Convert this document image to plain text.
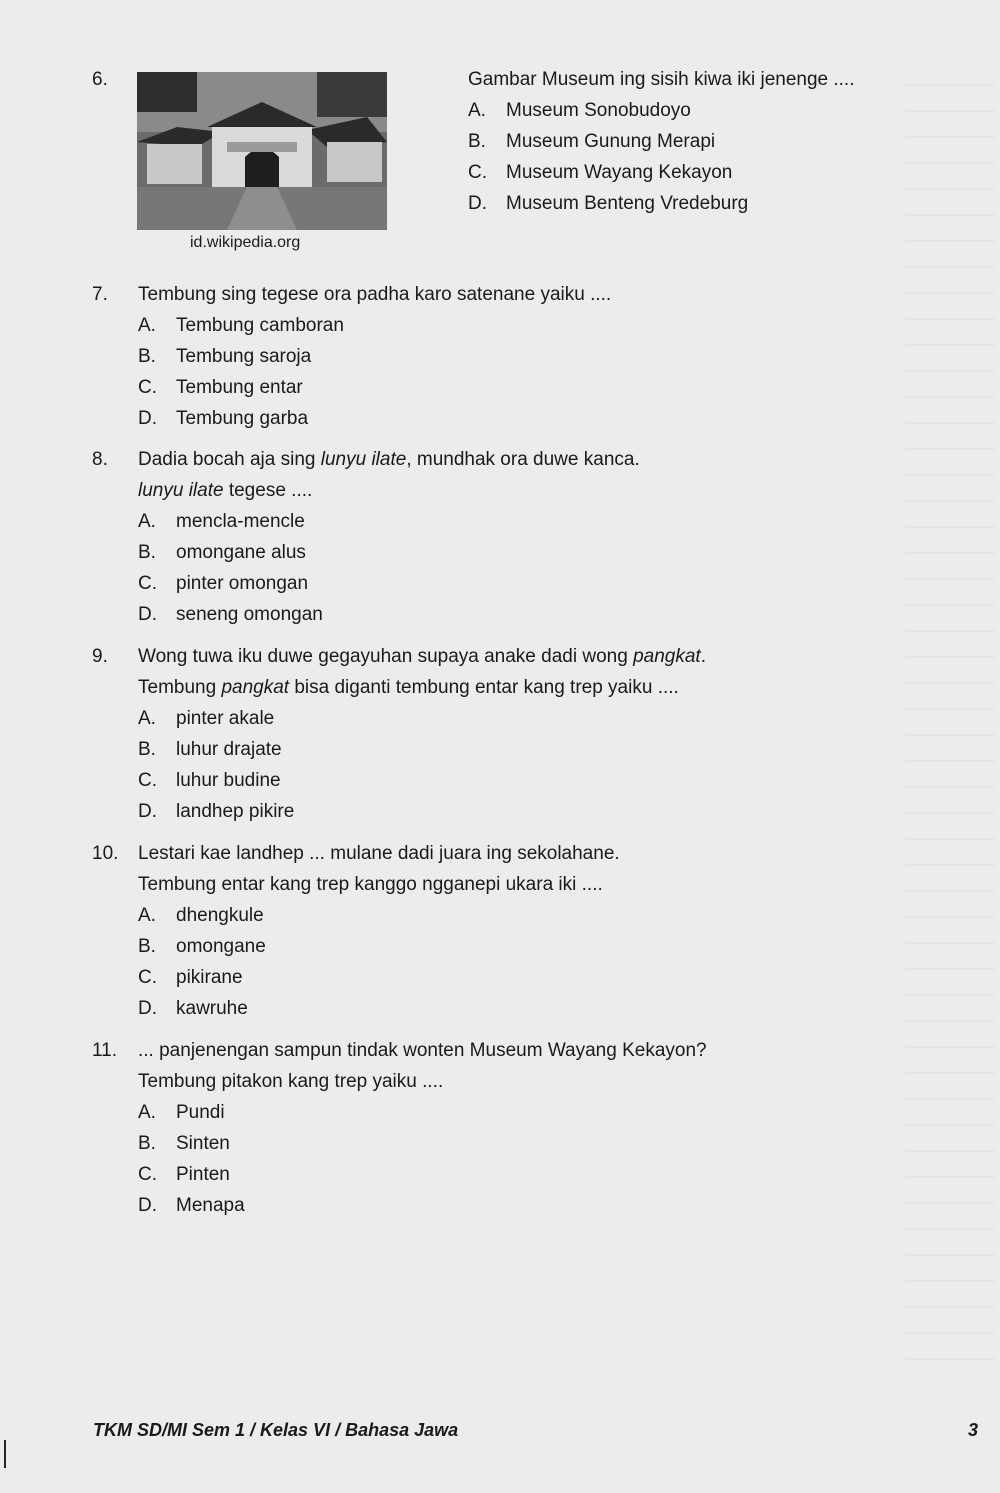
6.	Gambar Museum ing sisih kiwa iki jenenge ....
A. Museum Sonobudoyo
B. Museum Gunung Merapi
C. Museum Wayang Kekayon
D. Museum Benteng Vredeburg
id.wikipedia.org
7.	Tembung sing tegese ora padha karo satenane yaiku ....
A. Tembung camboran
B. Tembung saroja
C. Tembung entar
D. Tembung garba
8.	Dadia bocah aja sing lunyu ilate, mundhak ora duwe kanca.
lunyu ilate tegese ....
A. mencla-mencle
B. omongane alus
C. pinter omongan
D. seneng omongan
9.	Wong tuwa iku duwe gegayuhan supaya anake dadi wong pangkat.
Tembung pangkat bisa diganti tembung entar kang trep yaiku ....
A. pinter akale
B. luhur drajate
C. luhur budine
D. landhep pikire
10.	Lestari kae landhep ... mulane dadi juara ing sekolahane.
Tembung entar kang trep kanggo ngganepi ukara iki ....
A. dhengkule
B. omongane
C. pikirane
D. kawruhe
11.	... panjenengan sampun tindak wonten Museum Wayang Kekayon?
Tembung pitakon kang trep yaiku ....
A. Pundi
B. Sinten
C. Pinten
D. Menapa
TKM SD/MI Sem 1 / Kelas VI / Bahasa Jawa	3
